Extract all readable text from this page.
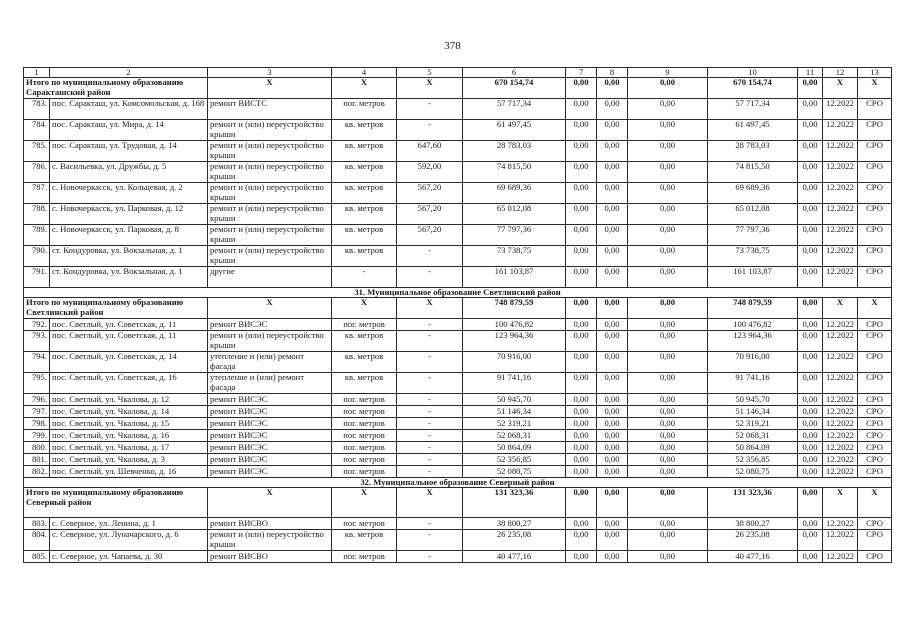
378
1	2	3	4	5	6	7	8	9	10	11	12	13
Итого по муниципальному образованию Саракташский район		X	X	X	670 154,74	0,00	0,00	0,00	670 154,74	0,00	X	X
783.	пос. Саракташ, ул. Комсомольская, д. 168	ремонт ВИСТС	пог. метров	-	57 717,34	0,00	0,00	0,00	57 717,34	0,00	12.2022	СРО
784.	пос. Саракташ, ул. Мира, д. 14	ремонт и (или) переустройство крыши	кв. метров	-	61 497,45	0,00	0,00	0,00	61 497,45	0,00	12.2022	СРО
785.	пос. Саракташ, ул. Трудовая, д. 14	ремонт и (или) переустройство крыши	кв. метров	647,60	28 783,03	0,00	0,00	0,00	28 783,03	0,00	12.2022	СРО
786.	с. Васильевка, ул. Дружбы, д. 5	ремонт и (или) переустройство крыши	кв. метров	592,00	74 815,50	0,00	0,00	0,00	74 815,50	0,00	12.2022	СРО
787.	с. Новочеркасск, ул. Кольцевая, д. 2	ремонт и (или) переустройство крыши	кв. метров	567,20	69 689,36	0,00	0,00	0,00	69 689,36	0,00	12.2022	СРО
788.	с. Новочеркасск, ул. Парковая, д. 12	ремонт и (или) переустройство крыши	кв. метров	567,20	65 012,08	0,00	0,00	0,00	65 012,08	0,00	12.2022	СРО
789.	с. Новочеркасск, ул. Парковая, д. 8	ремонт и (или) переустройство крыши	кв. метров	567,20	77 797,36	0,00	0,00	0,00	77 797,36	0,00	12.2022	СРО
790.	ст. Кондуровка, ул. Вокзальная, д. 1	ремонт и (или) переустройство крыши	кв. метров	-	73 738,75	0,00	0,00	0,00	73 738,75	0,00	12.2022	СРО
791.	ст. Кондуровка, ул. Вокзальная, д. 1	другие	-	-	161 103,87	0,00	0,00	0,00	161 103,87	0,00	12.2022	СРО
31. Муниципальное образование Светлинский район												
Итого по муниципальному образованию Светлинский район		X	X	X	748 879,59	0,00	0,00	0,00	748 879,59	0,00	X	X
792.	пос. Светлый, ул. Советская, д. 11	ремонт ВИСЭС	пог. метров	-	100 476,82	0,00	0,00	0,00	100 476,82	0,00	12.2022	СРО
793.	пос. Светлый, ул. Советская, д. 11	ремонт и (или) переустройство крыши	кв. метров	-	123 964,36	0,00	0,00	0,00	123 964,36	0,00	12.2022	СРО
794.	пос. Светлый, ул. Советская, д. 14	утепление и (или) ремонт фасада	кв. метров	-	70 916,00	0,00	0,00	0,00	70 916,00	0,00	12.2022	СРО
795.	пос. Светлый, ул. Советская, д. 16	утепление и (или) ремонт фасада	кв. метров	-	91 741,16	0,00	0,00	0,00	91 741,16	0,00	12.2022	СРО
796.	пос. Светлый, ул. Чкалова, д. 12	ремонт ВИСЭС	пог. метров	-	50 945,70	0,00	0,00	0,00	50 945,70	0,00	12.2022	СРО
797.	пос. Светлый, ул. Чкалова, д. 14	ремонт ВИСЭС	пог. метров	-	51 146,34	0,00	0,00	0,00	51 146,34	0,00	12.2022	СРО
798.	пос. Светлый, ул. Чкалова, д. 15	ремонт ВИСЭС	пог. метров	-	52 319,21	0,00	0,00	0,00	52 319,21	0,00	12.2022	СРО
799.	пос. Светлый, ул. Чкалова, д. 16	ремонт ВИСЭС	пог. метров	-	52 068,31	0,00	0,00	0,00	52 068,31	0,00	12.2022	СРО
800.	пос. Светлый, ул. Чкалова, д. 17	ремонт ВИСЭС	пог. метров	-	50 864,09	0,00	0,00	0,00	50 864,09	0,00	12.2022	СРО
801.	пос. Светлый, ул. Чкалова, д. 3	ремонт ВИСЭС	пог. метров	-	52 356,85	0,00	0,00	0,00	52 356,85	0,00	12.2022	СРО
802.	пос. Светлый, ул. Шевченко, д. 16	ремонт ВИСЭС	пог. метров	-	52 080,75	0,00	0,00	0,00	52 080,75	0,00	12.2022	СРО
32. Муниципальное образование Северный район												
Итого по муниципальному образованию Северный район		X	X	X	131 323,36	0,00	0,00	0,00	131 323,36	0,00	X	X
803.	с. Северное, ул. Ленина, д. 1	ремонт ВИСВО	пог. метров	-	38 800,27	0,00	0,00	0,00	38 800,27	0,00	12.2022	СРО
804.	с. Северное, ул. Луначарского, д. 6	ремонт и (или) переустройство крыши	кв. метров	-	26 235,08	0,00	0,00	0,00	26 235,08	0,00	12.2022	СРО
805.	с. Северное, ул. Чапаева, д. 30	ремонт ВИСВО	пог. метров	-	40 477,16	0,00	0,00	0,00	40 477,16	0,00	12.2022	СРО
